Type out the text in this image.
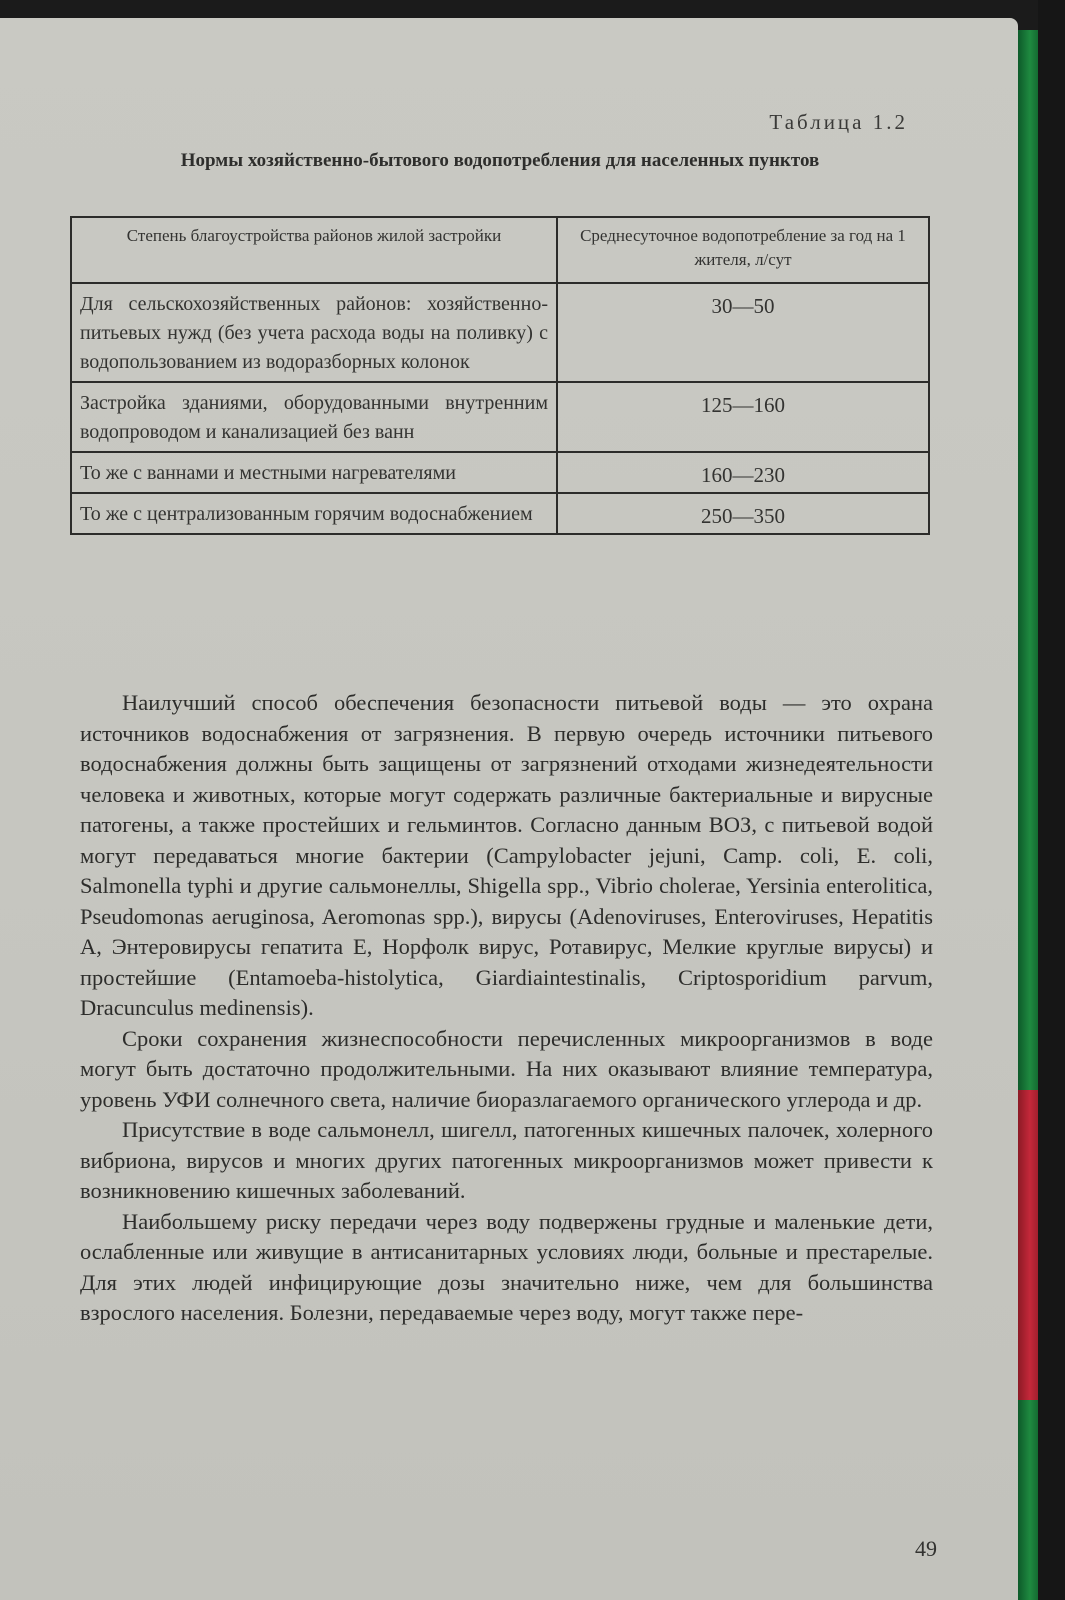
Таблица 1.2
Нормы хозяйственно-бытового водопотребления для населенных пунктов
Степень благоустройства районов жилой застройки	Среднесуточное водопотребление за год на 1 жителя, л/сут
Для сельскохозяйственных районов: хозяйственно-питьевых нужд (без учета расхода воды на поливку) с водопользованием из водоразборных колонок	30—50
Застройка зданиями, оборудованными внутренним водопроводом и канализацией без ванн	125—160
То же с ваннами и местными нагревателями	160—230
То же с централизованным горячим водоснабжением	250—350

Наилучший способ обеспечения безопасности питьевой воды — это охрана источников водоснабжения от загрязнения. В первую очередь источники питьевого водоснабжения должны быть защищены от загрязнений отходами жизнедеятельности человека и животных, которые могут содержать различные бактериальные и вирусные патогены, а также простейших и гельминтов. Согласно данным ВОЗ, с питьевой водой могут передаваться многие бактерии (Campylobacter jejuni, Camp. coli, E. coli, Salmonella typhi и другие сальмонеллы, Shigella spp., Vibrio cholerae, Yersinia enterolitica, Pseudomonas aeruginosa, Aeromonas spp.), вирусы (Adenoviruses, Enteroviruses, Hepatitis A, Энтеровирусы гепатита Е, Норфолк вирус, Ротавирус, Мелкие круглые вирусы) и простейшие (Entamoeba-histolytica, Giardiaintestinalis, Criptosporidium parvum, Dracunculus medinensis).

Сроки сохранения жизнеспособности перечисленных микроорганизмов в воде могут быть достаточно продолжительными. На них оказывают влияние температура, уровень УФИ солнечного света, наличие биоразлагаемого органического углерода и др.

Присутствие в воде сальмонелл, шигелл, патогенных кишечных палочек, холерного вибриона, вирусов и многих других патогенных микроорганизмов может привести к возникновению кишечных заболеваний.

Наибольшему риску передачи через воду подвержены грудные и маленькие дети, ослабленные или живущие в антисанитарных условиях люди, больные и престарелые. Для этих людей инфицирующие дозы значительно ниже, чем для большинства взрослого населения. Болезни, передаваемые через воду, могут также пере-

49
